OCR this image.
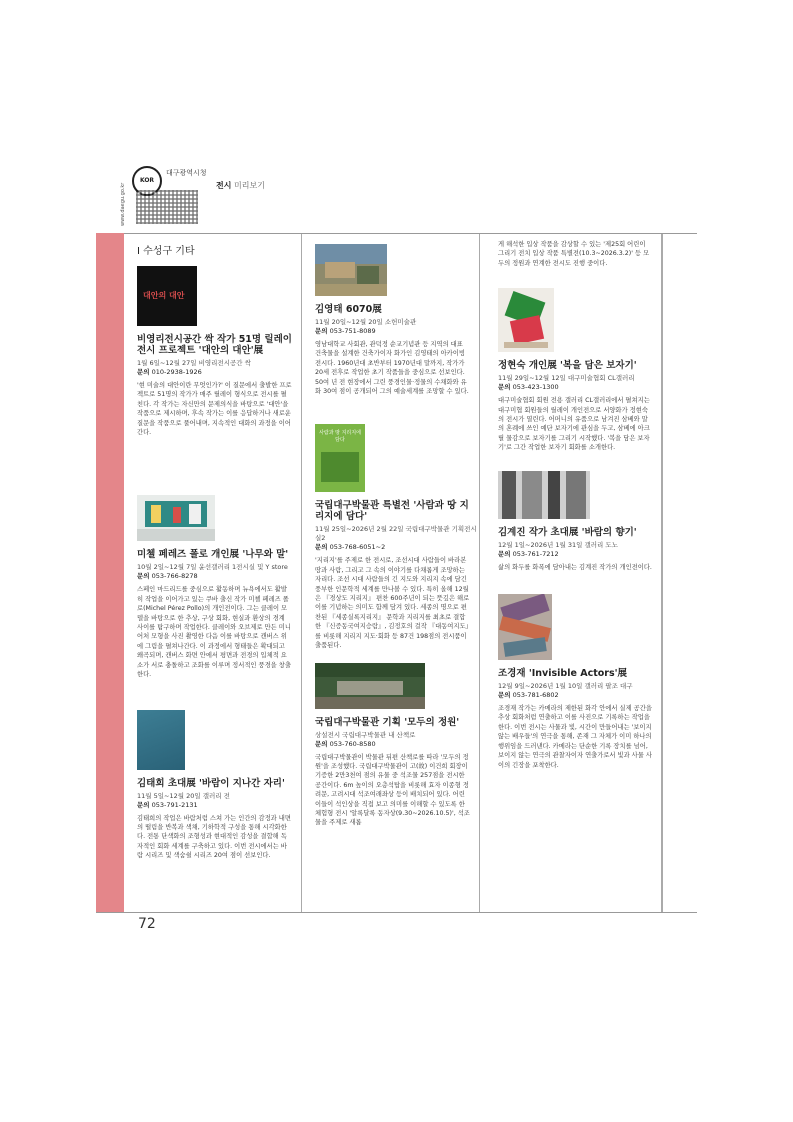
KOR
대구광역시청
전시 미리보기
www.daegu.go.kr
I 수성구 기타
대안의 대안
비영리전시공간 싹 작가 51명 릴레이 전시 프로젝트 '대안의 대안'展
1월 6일~12월 27일 비영리전시공간 싹
문의 010-2938-1926

'현 미술의 대안이란 무엇인가?' 이 질문에서 출발한 프로젝트로 51명의 작가가 매주 릴레이 형식으로 전시를 펼친다. 각 작가는 자신만의 문제의식을 바탕으로 '대안'을 작품으로 제시하며, 후속 작가는 이를 응답하거나 새로운 질문을 작품으로 풀어내며, 지속적인 대화의 과정을 이어간다.

미첼 페레즈 폴로 개인展 '나무와 말'
10월 2일~12월 7일 윤선갤러리 1전시실 및 Y store
문의 053-766-8278

스페인 마드리드를 중심으로 활동하며 뉴욕에서도 활발히 작업을 이어가고 있는 쿠바 출신 작가 미첼 페레즈 폴로(Michel Pérez Pollo)의 개인전이다. 그는 클레이 모델을 바탕으로 한 추상, 구상 회화, 현실과 환상의 경계 사이를 탐구하며 작업한다. 클레이와 오브제로 만든 미니어처 모형을 사진 촬영한 다음 이를 바탕으로 캔버스 위에 그림을 펼쳐나간다. 이 과정에서 형태들은 확대되고 왜곡되며, 캔버스 화면 안에서 평면과 전경의 입체적 요소가 서로 충돌하고 조화를 이루며 정서적인 풍경을 창출한다.

김태희 초대展 '바람이 지나간 자리'
11월 5일~12월 20일 갤러리 전
문의 053-791-2131

김태희의 작업은 바람처럼 스쳐 가는 인간의 감정과 내면의 떨림을 반복과 색채, 기하학적 구성을 통해 시각화한다. 전통 단색화의 조형성과 현대적인 감성을 결합해 독자적인 회화 세계를 구축하고 있다. 이번 전시에서는 바람 시리즈 및 색숨쉴 시리즈 20여 점이 선보인다.

김영태 6070展
11월 20일~12월 20일 소헌미술관
문의 053-751-8089

영남대학교 사회관, 관덕정 순교기념관 등 지역의 대표 건축물을 설계한 건축가이자 화가인 김영태의 아카이빙 전시다. 1960년대 초반부터 1970년대 말까지, 작가가 20세 전후로 작업한 초기 작품들을 중심으로 선보인다. 50여 년 전 현장에서 그린 풍경인물·정물의 수채화와 유화 30여 점이 공개되어 그의 예술세계를 조망할 수 있다.

사람과 땅 지리지에 담다
국립대구박물관 특별전 '사람과 땅 지리지에 담다'
11월 25일~2026년 2월 22일 국립대구박물관 기획전시실2
문의 053-768-6051~2

'지리지'를 주제로 한 전시로, 조선시대 사람들이 바라본 땅과 사람, 그리고 그 속의 이야기를 다채롭게 조망하는 자리다. 조선 시대 사람들의 긴 지도와 지리지 속에 담긴 풍부한 인문학적 세계를 만나볼 수 있다. 특히 올해 12월은 『경상도 지리지』 편찬 600주년이 되는 뜻깊은 해로 이를 기념하는 의미도 함께 담겨 있다. 세종의 명으로 편찬된 『세종실록지리지』 문학과 지리지를 최초로 결합한 『신증동국여지승람』, 김정호의 걸작 『대동여지도』를 비롯해 지리지 지도·회화 등 87건 198점의 전시품이 출품된다.

국립대구박물관 기획 '모두의 정원'
상설전시 국립대구박물관 내 산책로
문의 053-760-8580

국립대구박물관이 박물관 뒤편 산책로를 따라 '모두의 정원'을 조성했다. 국립대구박물관이 고(故) 이건희 회장이 기증한 2만3천여 점의 유물 중 석조물 257점을 전시한 공간이다. 6m 높이의 오층석탑을 비롯해 효자 이종형 정려문, 고려시대 석조여래좌상 등이 배치되어 있다. 어린이들이 석인상을 직접 보고 의미를 이해할 수 있도록 한 체험형 전시 '알록달록 동자상(9.30~2026.10.5)', 석조물을 주제로 새롭

게 해석한 입상 작품을 감상할 수 있는 '제25회 어린이 그리기 전치 입상 작품 특별전(10.3~2026.3.2)' 등 모두의 정원과 연계한 전시도 진행 중이다.

정현숙 개인展 '복을 담은 보자기'
11월 29일~12월 12일 대구미술협회 CL갤러리
문의 053-423-1300

대구미술협회 회원 전용 갤러리 CL갤러리에서 펼쳐지는 대구미협 회원들의 릴레이 개인전으로 서양화가 정현숙의 전시가 열린다. 어머니의 유품으로 남겨진 삼베와 말의 혼례에 쓰인 예단 보자기에 관심을 두고, 삼베에 아크릴 물감으로 보자기를 그리기 시작했다. '복을 담은 보자기'로 그간 작업한 보자기 회화를 소개한다.

김계진 작가 초대展 '바람의 향기'
12월 1일~2026년 1월 31일 갤러리 도노
문의 053-761-7212

삶의 화두를 화폭에 담아내는 김계진 작가의 개인전이다.

조경재 'Invisible Actors'展
12월 9일~2026년 1월 10일 갤러리 팔조 대구
문의 053-781-6802

조경재 작가는 카메라의 제한된 화각 안에서 실제 공간을 추상 회화처럼 연출하고 이를 사진으로 기록하는 작업을 한다. 이번 전시는 사물과 빛, 시간이 만들어내는 '보이지 않는 배우들'의 연극을 통해, 존재 그 자체가 이미 하나의 행위임을 드러낸다. 카메라는 단순한 기록 장치를 넘어, 보이지 않는 연극의 관찰자이자 연출가로서 빛과 사물 사이의 긴장을 포착한다.

72
